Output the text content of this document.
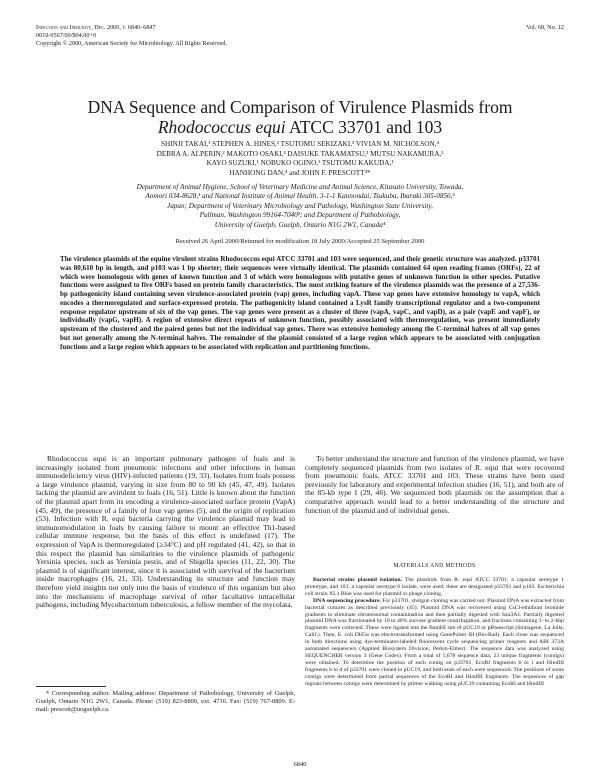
Infection and Immunity, Dec. 2000, p. 6840–6847
0019-9567/00/$04.00+0
Copyright © 2000, American Society for Microbiology. All Rights Reserved.
Vol. 68, No. 12
DNA Sequence and Comparison of Virulence Plasmids from
Rhodococcus equi ATCC 33701 and 103
SHINJI TAKAI,¹ STEPHEN A. HINES,² TSUTOMU SEKIZAKI,³ VIVIAN M. NICHOLSON,⁴
DEBRA A. ALPERIN,² MAKOTO OSAKI,³ DAISUKE TAKAMATSU,³ MUTSU NAKAMURA,³
KAYO SUZUKI,¹ NOBUKO OGINO,¹ TSUTOMU KAKUDA,¹
HANHONG DAN,⁴ and JOHN F. PRESCOTT⁴*
Department of Animal Hygiene, School of Veterinary Medicine and Animal Science, Kitasato University, Towada,
Aomori 034-8628,¹ and National Institute of Animal Health, 3-1-1 Kannondai, Tsukuba, Ibaraki 305-0856,³
Japan; Department of Veterinary Microbiology and Pathology, Washington State University,
Pullman, Washington 99164-7040²; and Department of Pathobiology,
University of Guelph, Guelph, Ontario N1G 2W1, Canada⁴
Received 26 April 2000/Returned for modification 18 July 2000/Accepted 25 September 2000
The virulence plasmids of the equine virulent strains Rhodococcus equi ATCC 33701 and 103 were sequenced, and their genetic structure was analyzed. p33701 was 80,610 bp in length, and p103 was 1 bp shorter; their sequences were virtually identical. The plasmids contained 64 open reading frames (ORFs), 22 of which were homologous with genes of known function and 3 of which were homologous with putative genes of unknown function in other species. Putative functions were assigned to five ORFs based on protein family characteristics. The most striking feature of the virulence plasmids was the presence of a 27,536-bp pathogenicity island containing seven virulence-associated protein (vap) genes, including vapA. These vap genes have extensive homology to vapA, which encodes a thermoregulated and surface-expressed protein. The pathogenicity island contained a LysR family transcriptional regulator and a two-component response regulator upstream of six of the vap genes. The vap genes were present as a cluster of three (vapA, vapC, and vapD), as a pair (vapE and vapF), or individually (vapG, vapH). A region of extensive direct repeats of unknown function, possibly associated with thermoregulation, was present immediately upstream of the clustered and the paired genes but not the individual vap genes. There was extensive homology among the C-terminal halves of all vap genes but not generally among the N-terminal halves. The remainder of the plasmid consisted of a large region which appears to be associated with conjugation functions and a large region which appears to be associated with replication and partitioning functions.

Rhodococcus equi is an important pulmonary pathogen of foals and is increasingly isolated from pneumonic infections and other infections in human immunodeficiency virus (HIV)-infected patients (19, 33). Isolates from foals possess a large virulence plasmid, varying in size from 80 to 90 kb (45, 47, 49). Isolates lacking the plasmid are avirulent to foals (16, 51). Little is known about the function of the plasmid apart from its encoding a virulence-associated surface protein (VapA) (45, 49), the presence of a family of four vap genes (5), and the origin of replication (53). Infection with R. equi bacteria carrying the virulence plasmid may lead to immunomodulation in foals by causing failure to mount an effective Th1-based cellular immune response, but the basis of this effect is undefined (17). The expression of VapA is thermoregulated (≥34°C) and pH regulated (41, 42), so that in this respect the plasmid has similarities to the virulence plasmids of pathogenic Yersinia species, such as Yersinia pestis, and of Shigella species (11, 22, 30). The plasmid is of significant interest, since it is associated with survival of the bacterium inside macrophages (16, 21, 33). Understanding its structure and function may therefore yield insights not only into the basis of virulence of this organism but also into the mechanisms of macrophage survival of other facultative intracellular pathogens, including Mycobacterium tuberculosis, a fellow member of the mycolata.

To better understand the structure and function of the virulence plasmid, we have completely sequenced plasmids from two isolates of R. equi that were recovered from pneumonic foals, ATCC 33701 and 103. These strains have been used previously for laboratory and experimental infection studies (16, 51), and both are of the 85-kb type I (29, 46). We sequenced both plasmids on the assumption that a comparative approach would lead to a better understanding of the structure and function of the plasmid and of individual genes.

MATERIALS AND METHODS

Bacterial strains plasmid isolation. The plasmids from R. equi ATCC 33701, a capsular serotype 1 prototype, and 103, a capsular serotype 6 isolate, were used; these are designated p33701 and p103. Escherichia coli strain XL1 Blue was used for plasmid or phage cloning.

DNA sequencing procedure. For p33701, shotgun cloning was carried out. Plasmid DNA was extracted from bacterial cultures as described previously (45). Plasmid DNA was recovered using CsCl-ethidium bromide gradients to eliminate chromosomal contamination and then partially digested with Sau3A1. Partially digested plasmid DNA was fractionated by 10 to 40% sucrose gradient centrifugation, and fractions containing 1- to 2-kbp fragments were collected. These were ligated into the BamHI site of pUC19 or pBluescript (Stratagene, La Jolla, Calif.). Then, E. coli DH5α was electrotransformed using GenePulser IH (Bio-Rad). Each clone was sequenced in both directions using dye-terminator-labeled fluorescent cycle sequencing primer reagents and ABI 373A automated sequencers (Applied Biosystem Division, Perkin-Elmer). The sequence data was analyzed using SEQUENCHER version 3 (Gene Codes). From a total of 1,678 sequence data, 23 unique fragments (contigs) were obtained. To determine the position of each contig on p33701, EcoRI fragments b to i and HindIII fragments b to d of p33701 were cloned in pUC19, and both ends of each were sequenced. The positions of some contigs were determined from partial sequences of the EcoRI and HindIII fragments. The sequences of gap regions between contigs were determined by primer walking using pUC19 containing EcoRI and HindIII

* Corresponding author. Mailing address: Department of Pathobiology, University of Guelph, Guelph, Ontario N1G 2W1, Canada. Phone: (519) 823-8800, ext. 4716. Fax: (519) 767-0809. E-mail: prescott@uoguelph.ca.
6840
